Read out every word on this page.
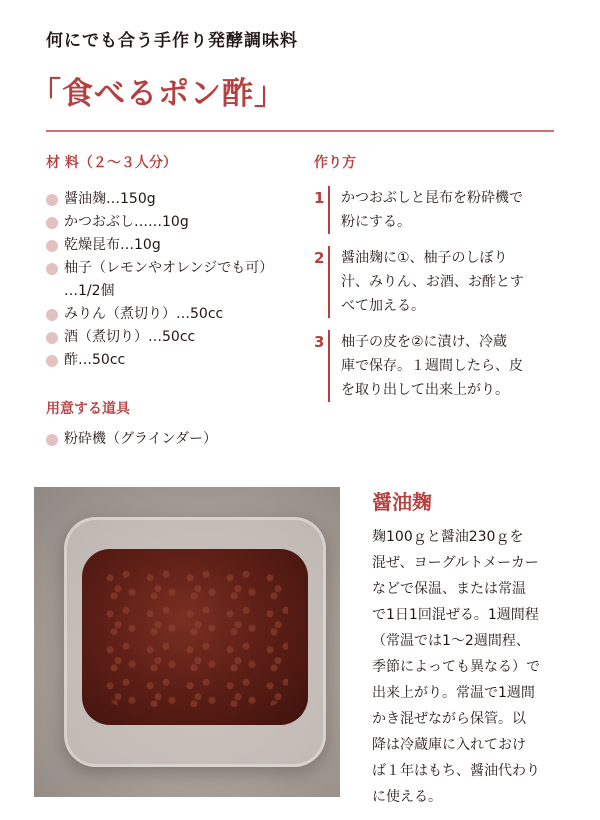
何にでも合う手作り発酵調味料
「食べるポン酢」
材 料（２～３人分）
醤油麹…150g
かつおぶし……10g
乾燥昆布…10g
柚子（レモンやオレンジでも可）
…1/2個
みりん（煮切り）…50cc
酒（煮切り）…50cc
酢…50cc
用意する道具
粉砕機（グラインダー）
作り方
1	かつおぶしと昆布を粉砕機で
粉にする。
2	醤油麹に①、柚子のしぼり
汁、みりん、お酒、お酢とす
べて加える。
3	柚子の皮を②に漬け、冷蔵
庫で保存。１週間したら、皮
を取り出して出来上がり。
醤油麹
麹100ｇと醤油230ｇを
混ぜ、ヨーグルトメーカー
などで保温、または常温
で1日1回混ぜる。1週間程
（常温では1～2週間程、
季節によっても異なる）で
出来上がり。常温で1週間
かき混ぜながら保管。以
降は冷蔵庫に入れておけ
ば１年はもち、醤油代わり
に使える。
